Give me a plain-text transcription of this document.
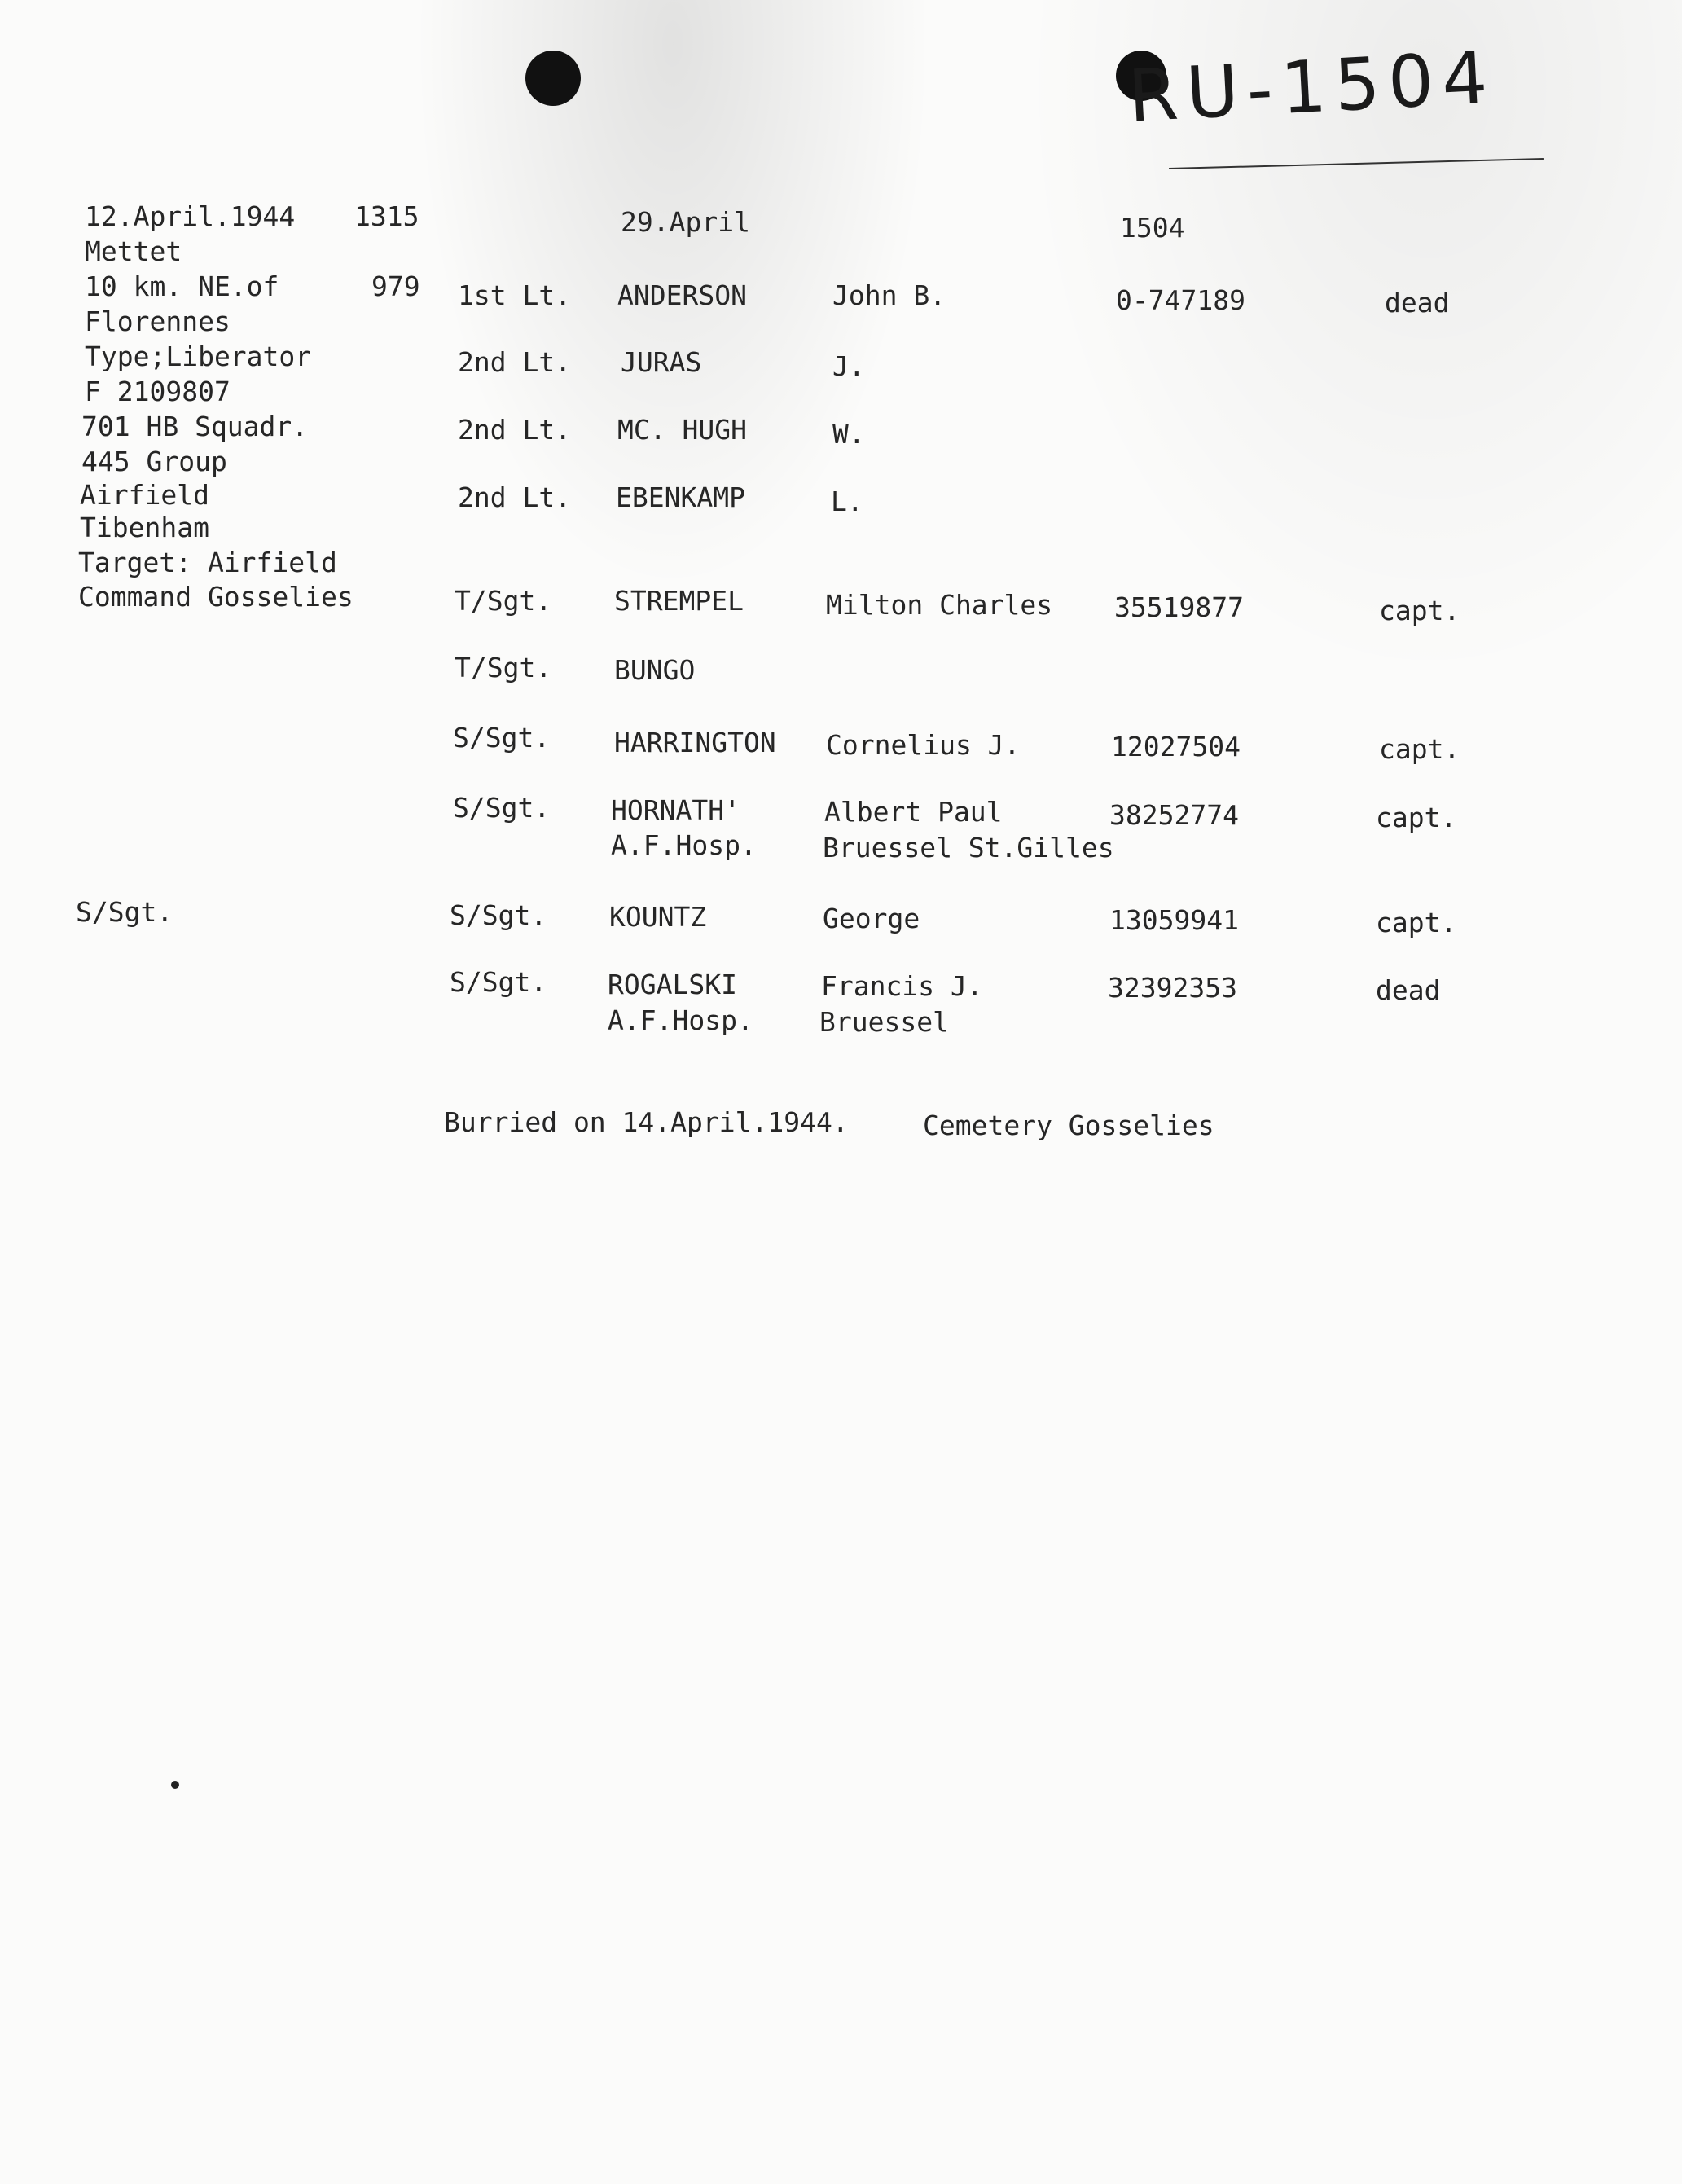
RU-1504
12.April.1944 1315	29.April	1504
Mettet
10 km. NE.of	979
Florennes
Type;Liberator
F 2109807
701 HB Squadr.
445 Group
Airfield
Tibenham
Target: Airfield
Command Gosselies
1st Lt. ANDERSON	John B.	0-747189	dead
2nd Lt. JURAS	J.
2nd Lt. MC. HUGH	W.
2nd Lt. EBENKAMP	L.
T/Sgt. STREMPEL	Milton Charles 35519877	capt.
T/Sgt. BUNGO
S/Sgt. HARRINGTON Cornelius J.	12027504	capt.
S/Sgt. HORNATH'	Albert Paul	38252774	capt.
A.F.Hosp. Bruessel St.Gilles
S/Sgt.	S/Sgt. KOUNTZ	George	13059941	capt.
S/Sgt. ROGALSKI	Francis J.	32392353	dead
A.F.Hosp. Bruessel
Burried on 14.April.1944.	Cemetery Gosselies
